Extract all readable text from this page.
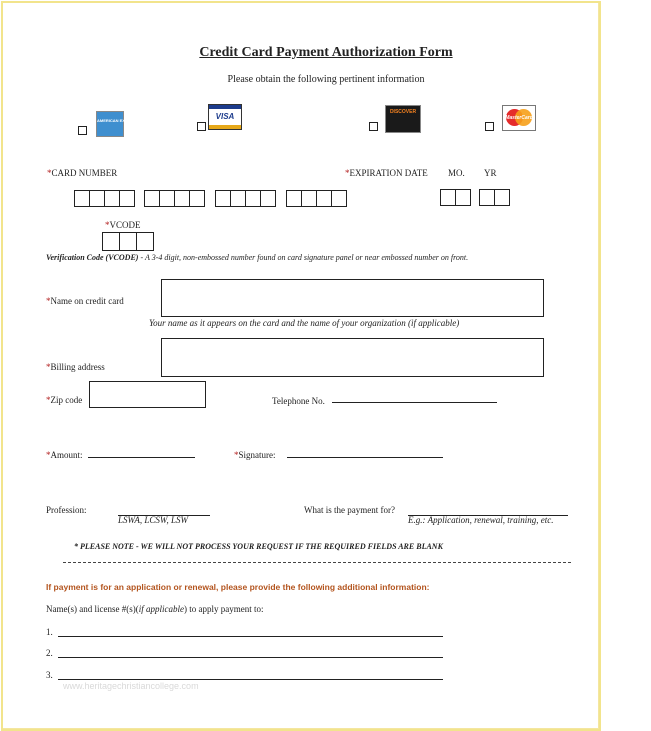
Credit Card Payment Authorization Form
Please obtain the following pertinent information
AMERICAN EXPRESS	VISA	DISCOVER
MasterCard
*CARD NUMBER	*EXPIRATION DATE MO. YR
*VCODE
Verification Code (VCODE) - A 3-4 digit, non-embossed number found on card signature panel or near embossed number on front.
*Name on credit card
Your name as it appears on the card and the name of your organization (if applicable)
*Billing address
*Zip code	Telephone No.
*Amount:	*Signature:
Profession:
LSWA, LCSW, LSW
What is the payment for?
E.g.: Application, renewal, training, etc.
* PLEASE NOTE - WE WILL NOT PROCESS YOUR REQUEST IF THE REQUIRED FIELDS ARE BLANK
If payment is for an application or renewal, please provide the following additional information:
Name(s) and license #(s)(if applicable) to apply payment to:
1.
2.
3.
www.heritagechristiancollege.com
